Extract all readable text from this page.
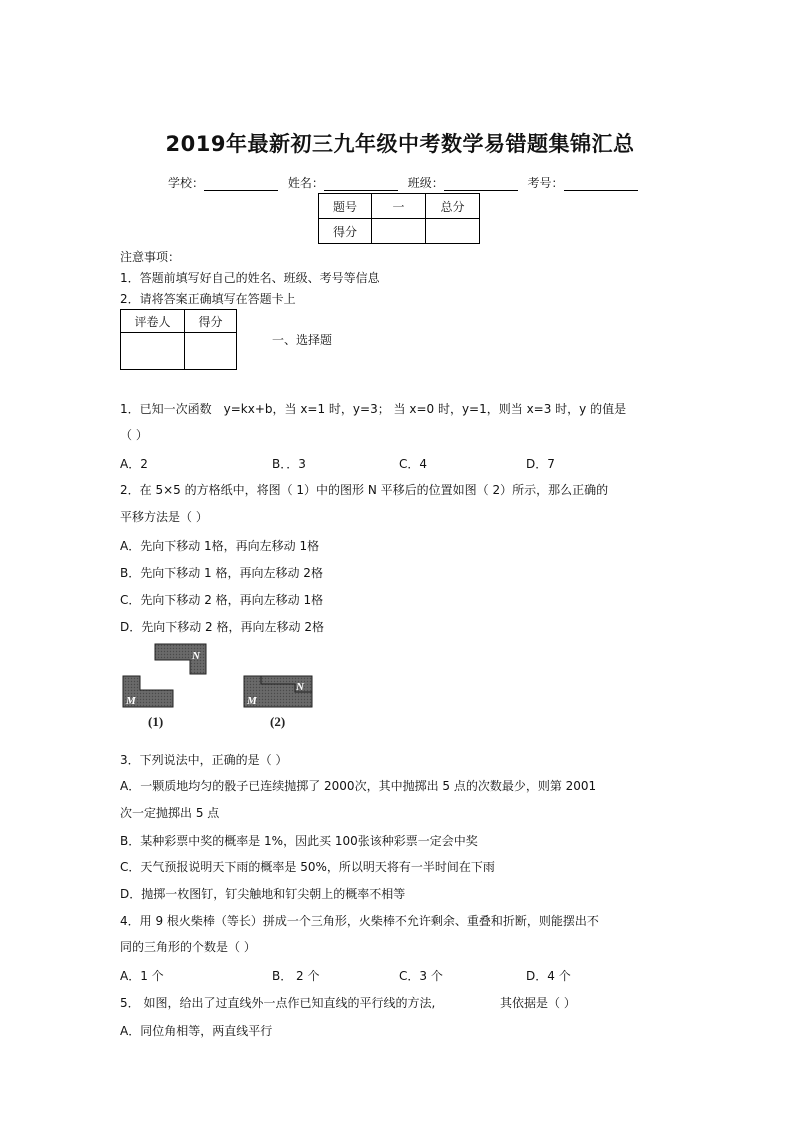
2019年最新初三九年级中考数学易错题集锦汇总
学校：	姓名：	班级：	考号：
题号	一	总分
得分		
注意事项：
1．答题前填写好自己的姓名、班级、考号等信息
2．请将答案正确填写在答题卡上
评卷人	得分

一、选择题
1．已知一次函数　y=kx+b，当 x=1 时，y=3； 当 x=0 时，y=1，则当 x=3 时，y 的值是
（ ）
A．2	B．．3	C．4	D．7
2．在 5×5 的方格纸中，将图（ 1）中的图形 N 平移后的位置如图（ 2）所示，那么正确的
平移方法是（ ）
A．先向下移动 1格，再向左移动 1格
B．先向下移动 1 格，再向左移动 2格
C．先向下移动 2 格，再向左移动 1格
D．先向下移动 2 格，再向左移动 2格
N
M
(1)
N
M
(2)
3．下列说法中，正确的是（ ）
A．一颗质地均匀的骰子已连续抛掷了 2000次，其中抛掷出 5 点的次数最少，则第 2001
次一定抛掷出 5 点
B．某种彩票中奖的概率是 1%，因此买 100张该种彩票一定会中奖
C．天气预报说明天下雨的概率是 50%，所以明天将有一半时间在下雨
D．抛掷一枚图钉，钉尖触地和钉尖朝上的概率不相等
4．用 9 根火柴棒（等长）拼成一个三角形，火柴棒不允许剩余、重叠和折断，则能摆出不
同的三角形的个数是（ ）
A．1 个	B． 2 个	C．3 个	D．4 个
5． 如图，给出了过直线外一点作已知直线的平行线的方法,	其依据是（ ）
A．同位角相等，两直线平行
